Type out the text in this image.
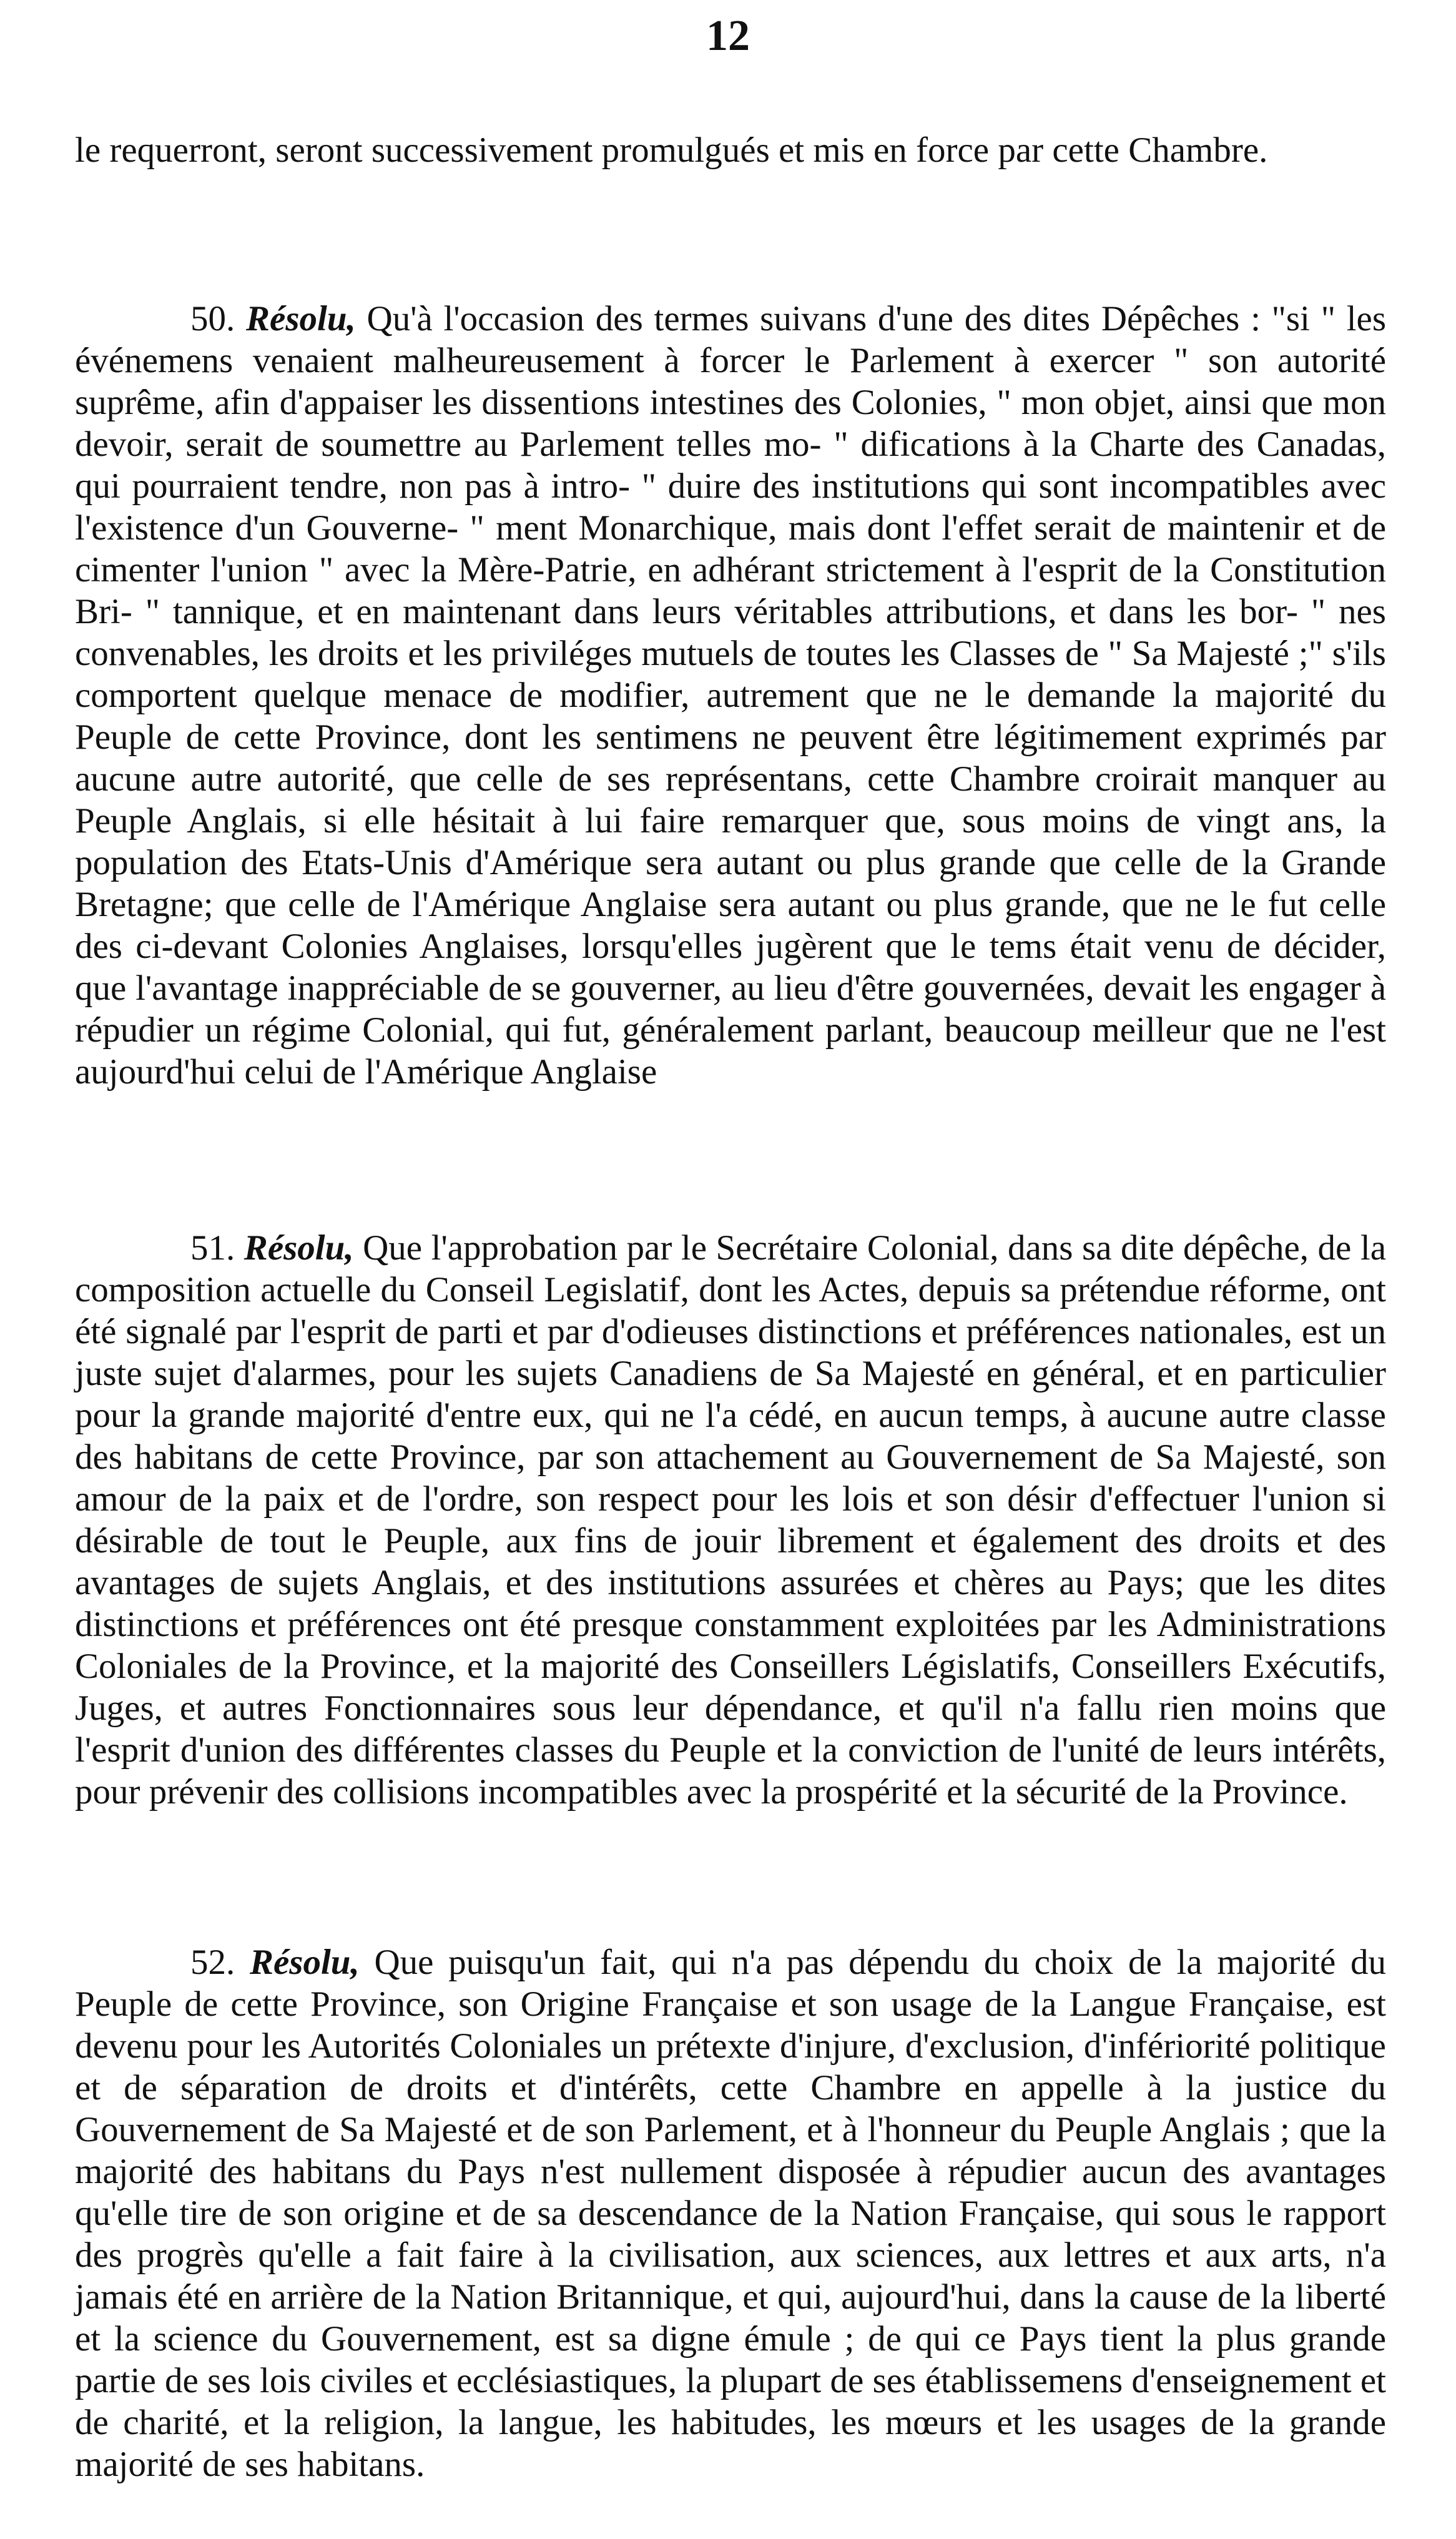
12

le requerront, seront successivement promulgués et mis en force par cette Chambre.

50. Résolu, Qu'à l'occasion des termes suivans d'une des dites Dépêches : "si " les événemens venaient malheureusement à forcer le Parlement à exercer " son autorité suprême, afin d'appaiser les dissentions intestines des Colonies, " mon objet, ainsi que mon devoir, serait de soumettre au Parlement telles mo- " difications à la Charte des Canadas, qui pourraient tendre, non pas à intro- " duire des institutions qui sont incompatibles avec l'existence d'un Gouverne- " ment Monarchique, mais dont l'effet serait de maintenir et de cimenter l'union " avec la Mère-Patrie, en adhérant strictement à l'esprit de la Constitution Bri- " tannique, et en maintenant dans leurs véritables attributions, et dans les bor- " nes convenables, les droits et les priviléges mutuels de toutes les Classes de " Sa Majesté ;" s'ils comportent quelque menace de modifier, autrement que ne le demande la majorité du Peuple de cette Province, dont les sentimens ne peuvent être légitimement exprimés par aucune autre autorité, que celle de ses représentans, cette Chambre croirait manquer au Peuple Anglais, si elle hésitait à lui faire remarquer que, sous moins de vingt ans, la population des Etats-Unis d'Amérique sera autant ou plus grande que celle de la Grande Bretagne; que celle de l'Amérique Anglaise sera autant ou plus grande, que ne le fut celle des ci-devant Colonies Anglaises, lorsqu'elles jugèrent que le tems était venu de décider, que l'avantage inappréciable de se gouverner, au lieu d'être gouvernées, devait les engager à répudier un régime Colonial, qui fut, généralement parlant, beaucoup meilleur que ne l'est aujourd'hui celui de l'Amérique Anglaise

51. Résolu, Que l'approbation par le Secrétaire Colonial, dans sa dite dépêche, de la composition actuelle du Conseil Legislatif, dont les Actes, depuis sa prétendue réforme, ont été signalé par l'esprit de parti et par d'odieuses distinctions et préférences nationales, est un juste sujet d'alarmes, pour les sujets Canadiens de Sa Majesté en général, et en particulier pour la grande majorité d'entre eux, qui ne l'a cédé, en aucun temps, à aucune autre classe des habitans de cette Province, par son attachement au Gouvernement de Sa Majesté, son amour de la paix et de l'ordre, son respect pour les lois et son désir d'effectuer l'union si désirable de tout le Peuple, aux fins de jouir librement et également des droits et des avantages de sujets Anglais, et des institutions assurées et chères au Pays; que les dites distinctions et préférences ont été presque constamment exploitées par les Administrations Coloniales de la Province, et la majorité des Conseillers Législatifs, Conseillers Exécutifs, Juges, et autres Fonctionnaires sous leur dépendance, et qu'il n'a fallu rien moins que l'esprit d'union des différentes classes du Peuple et la conviction de l'unité de leurs intérêts, pour prévenir des collisions incompatibles avec la prospérité et la sécurité de la Province.

52. Résolu, Que puisqu'un fait, qui n'a pas dépendu du choix de la majorité du Peuple de cette Province, son Origine Française et son usage de la Langue Française, est devenu pour les Autorités Coloniales un prétexte d'injure, d'exclusion, d'infériorité politique et de séparation de droits et d'intérêts, cette Chambre en appelle à la justice du Gouvernement de Sa Majesté et de son Parlement, et à l'honneur du Peuple Anglais ; que la majorité des habitans du Pays n'est nullement disposée à répudier aucun des avantages qu'elle tire de son origine et de sa descendance de la Nation Française, qui sous le rapport des progrès qu'elle a fait faire à la civilisation, aux sciences, aux lettres et aux arts, n'a jamais été en arrière de la Nation Britannique, et qui, aujourd'hui, dans la cause de la liberté et la science du Gouvernement, est sa digne émule ; de qui ce Pays tient la plus grande partie de ses lois civiles et ecclésiastiques, la plupart de ses établissemens d'enseignement et de charité, et la religion, la langue, les habitudes, les mœurs et les usages de la grande majorité de ses habitans.
